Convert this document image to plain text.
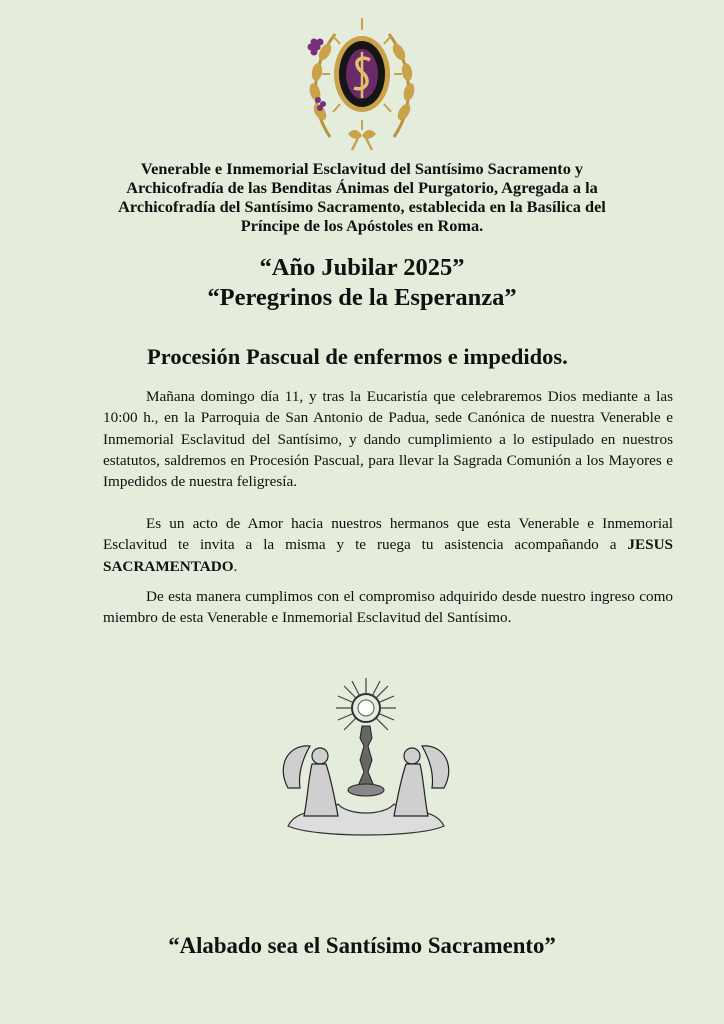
Venerable e Inmemorial Esclavitud del Santísimo Sacramento y
Archicofradía de las Benditas Ánimas del Purgatorio, Agregada a la
Archicofradía del Santísimo Sacramento, establecida en la Basílica del
Príncipe de los Apóstoles en Roma.
“Año Jubilar 2025”
“Peregrinos de la Esperanza”
Procesión Pascual de enfermos e impedidos.

Mañana domingo día 11, y tras la Eucaristía que celebraremos Dios mediante a las 10:00 h., en la Parroquia de San Antonio de Padua, sede Canónica de nuestra Venerable e Inmemorial Esclavitud del Santísimo, y dando cumplimiento a lo estipulado en nuestros estatutos, saldremos en Procesión Pascual, para llevar la Sagrada Comunión a los Mayores e Impedidos de nuestra feligresía.

Es un acto de Amor hacia nuestros hermanos que esta Venerable e Inmemorial Esclavitud te invita a la misma y te ruega tu asistencia acompañando a JESUS SACRAMENTADO.

De esta manera cumplimos con el compromiso adquirido desde nuestro ingreso como miembro de esta Venerable e Inmemorial Esclavitud del Santísimo.

“Alabado sea el Santísimo Sacramento”
